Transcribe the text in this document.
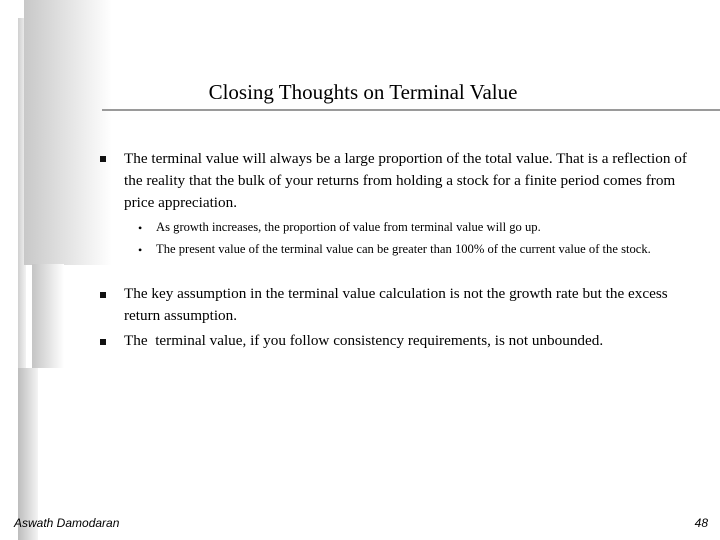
Closing Thoughts on Terminal Value
The terminal value will always be a large proportion of the total value. That is a reflection of the reality that the bulk of your returns from holding a stock for a finite period comes from price appreciation.
• As growth increases, the proportion of value from terminal value will go up.
• The present value of the terminal value can be greater than 100% of the current value of the stock.
The key assumption in the terminal value calculation is not the growth rate but the excess return assumption.
The  terminal value, if you follow consistency requirements, is not unbounded.
Aswath Damodaran	48
